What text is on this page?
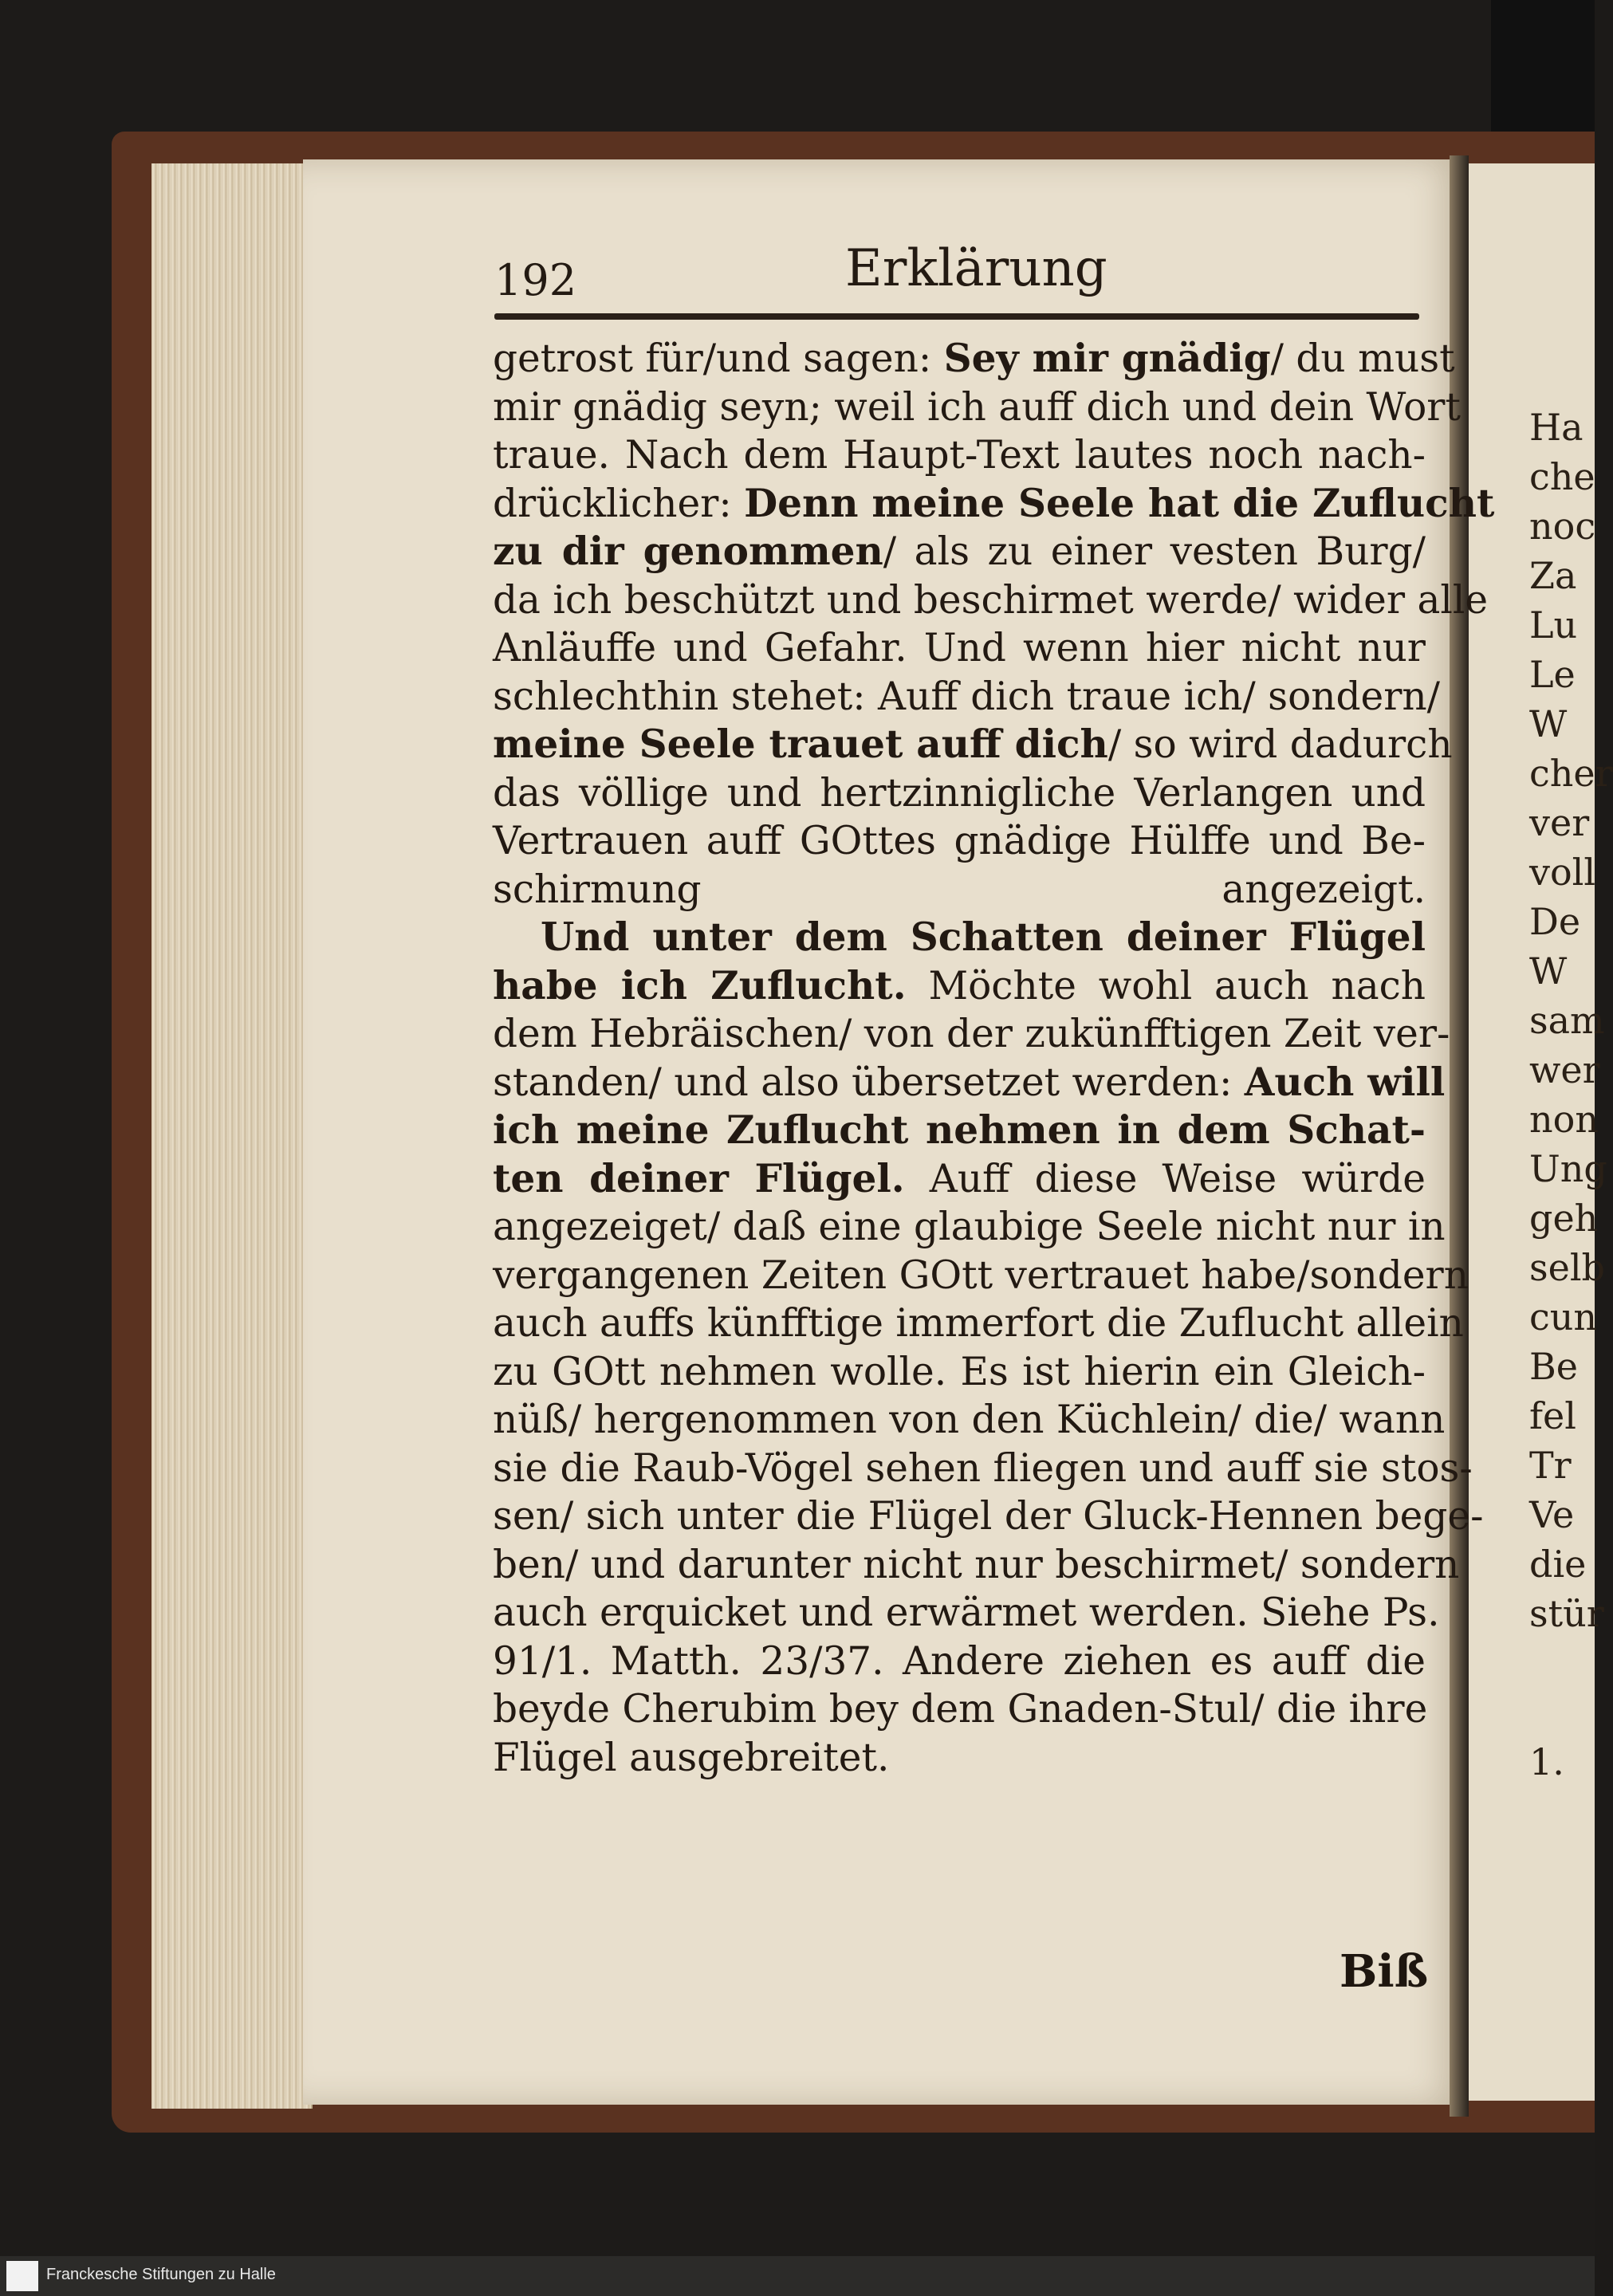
192	Erklärung
getrost für/und sagen: Sey mir gnädig/ du must
mir gnädig seyn; weil ich auff dich und dein Wort
traue. Nach dem Haupt-Text lautes noch nach-
drücklicher: Denn meine Seele hat die Zuflucht
zu dir genommen/ als zu einer vesten Burg/
da ich beschützt und beschirmet werde/ wider alle
Anläuffe und Gefahr. Und wenn hier nicht nur
schlechthin stehet: Auff dich traue ich/ sondern/
meine Seele trauet auff dich/ so wird dadurch
das völlige und hertzinnigliche Verlangen und
Vertrauen auff GOttes gnädige Hülffe und Be-
schirmung angezeigt.
Und unter dem Schatten deiner Flügel
habe ich Zuflucht. Möchte wohl auch nach
dem Hebräischen/ von der zukünfftigen Zeit ver-
standen/ und also übersetzet werden: Auch will
ich meine Zuflucht nehmen in dem Schat-
ten deiner Flügel. Auff diese Weise würde
angezeiget/ daß eine glaubige Seele nicht nur in
vergangenen Zeiten GOtt vertrauet habe/sondern
auch auffs künfftige immerfort die Zuflucht allein
zu GOtt nehmen wolle. Es ist hierin ein Gleich-
nüß/ hergenommen von den Küchlein/ die/ wann
sie die Raub-Vögel sehen fliegen und auff sie stos-
sen/ sich unter die Flügel der Gluck-Hennen bege-
ben/ und darunter nicht nur beschirmet/ sondern
auch erquicket und erwärmet werden. Siehe Ps.
91/1. Matth. 23/37. Andere ziehen es auff die
beyde Cherubim bey dem Gnaden-Stul/ die ihre
Flügel ausgebreitet.
Biß
Ha
che
noc
Za
Lu
Le
W
cher
ver
voll
De
W
sam
wer
non
Ung
geh
selb
cun
Be
fel
Tr
Ve
die
stür
1.
Franckesche Stiftungen zu Halle
